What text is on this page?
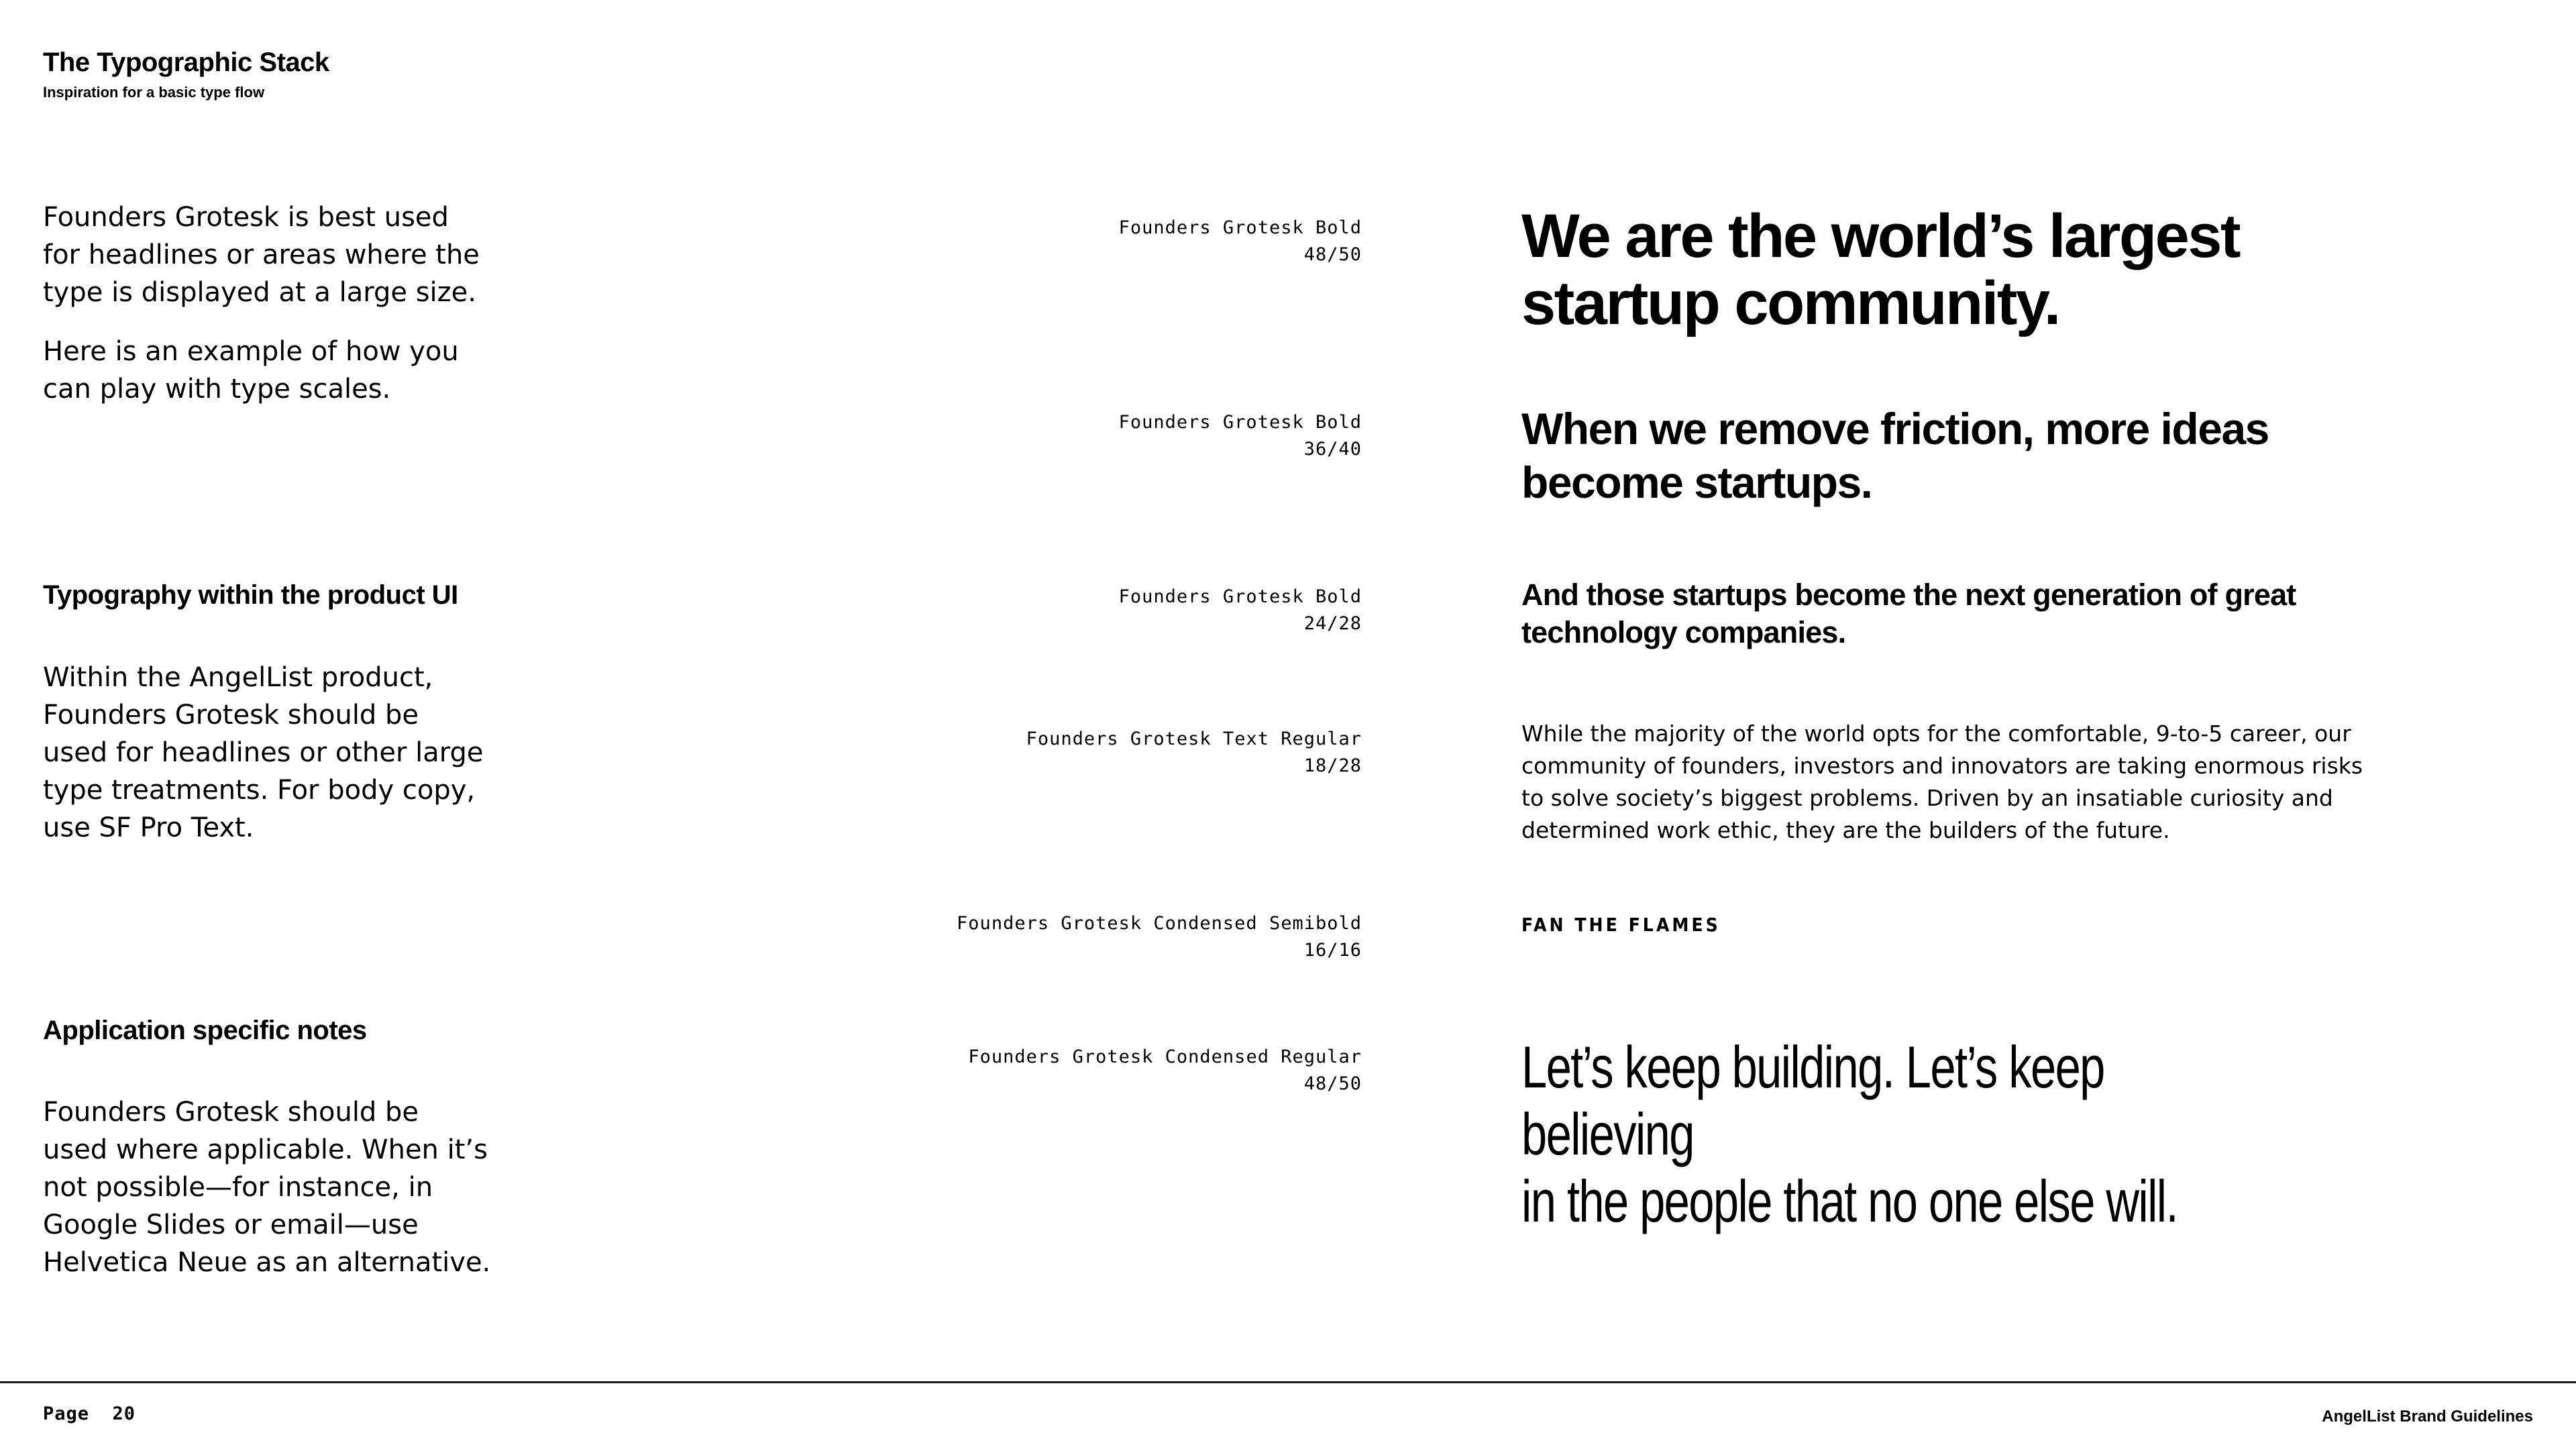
The Typographic Stack

Inspiration for a basic type flow

Founders Grotesk is best used
for headlines or areas where the
type is displayed at a large size.

Here is an example of how you
can play with type scales.

Typography within the product UI

Within the AngelList product,
Founders Grotesk should be
used for headlines or other large
type treatments. For body copy,
use SF Pro Text.

Application specific notes

Founders Grotesk should be
used where applicable. When it’s
not possible—for instance, in
Google Slides or email—use
Helvetica Neue as an alternative.

Founders Grotesk Bold
48/50
Founders Grotesk Bold
36/40
Founders Grotesk Bold
24/28
Founders Grotesk Text Regular
18/28
Founders Grotesk Condensed Semibold
16/16
Founders Grotesk Condensed Regular
48/50

We are the world’s largest
startup community.

When we remove friction, more ideas
become startups.

And those startups become the next generation of great
technology companies.

While the majority of the world opts for the comfortable, 9-to-5 career, our
community of founders, investors and innovators are taking enormous risks
to solve society’s biggest problems. Driven by an insatiable curiosity and
determined work ethic, they are the builders of the future.

FAN THE FLAMES

Let’s keep building. Let’s keep believing
in the people that no one else will.

Page  20	AngelList Brand Guidelines
